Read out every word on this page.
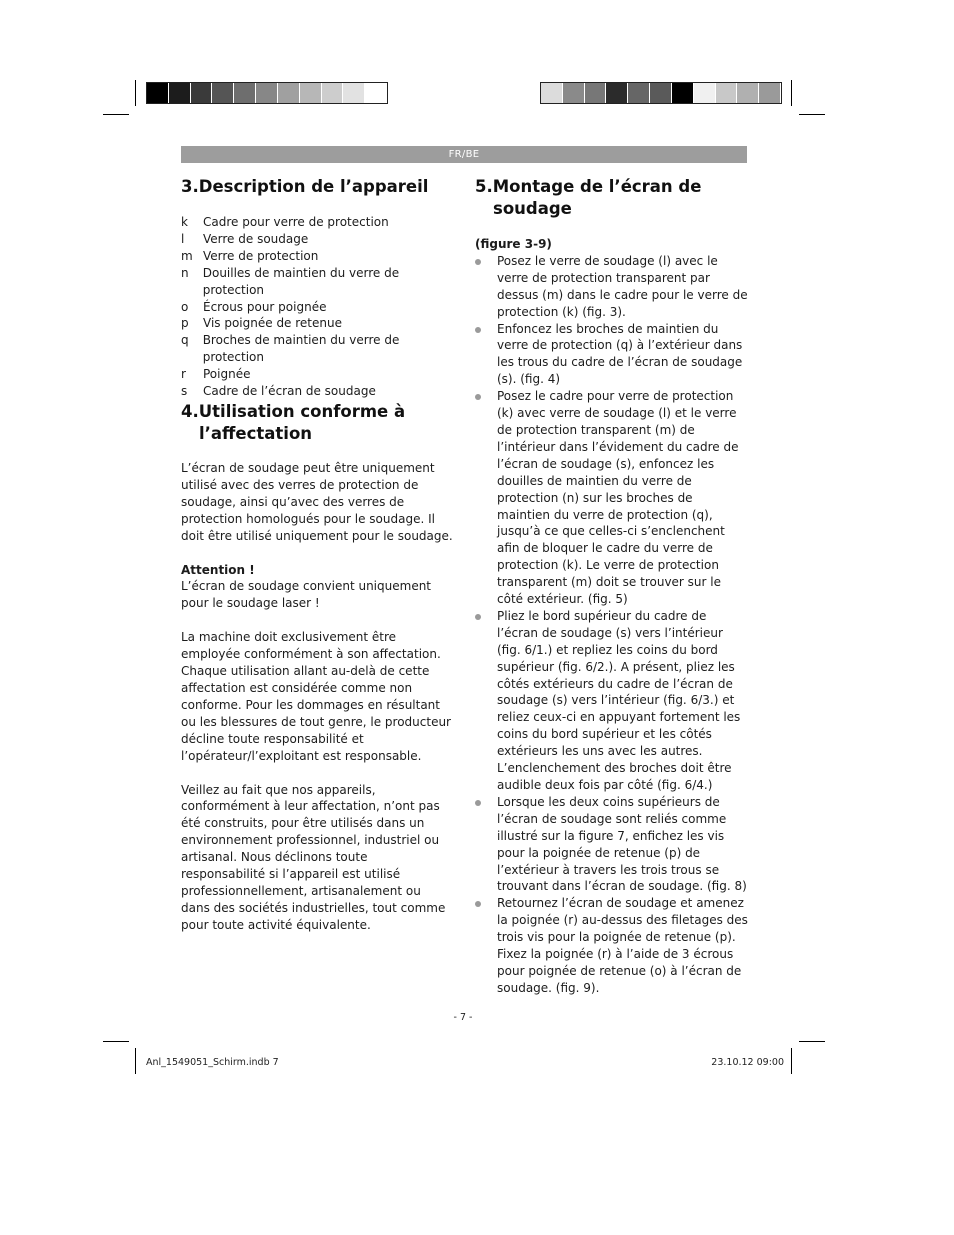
FR/BE
3.Description de l’appareil
k	Cadre pour verre de protection
l	Verre de soudage
m Verre de protection
n	Douilles de maintien du verre de protection
o	Écrous pour poignée
p	Vis poignée de retenue
q	Broches de maintien du verre de protection
r	Poignée
s	Cadre de l’écran de soudage
4.Utilisation conforme à
l’affectation

L’écran de soudage peut être uniquement utilisé avec des verres de protection de soudage, ainsi qu’avec des verres de protection homologués pour le soudage. Il doit être utilisé uniquement pour le soudage.

Attention !

L’écran de soudage convient uniquement pour le soudage laser !

La machine doit exclusivement être employée conformément à son affectation. Chaque utilisation allant au-delà de cette affectation est considérée comme non conforme. Pour les dommages en résultant ou les blessures de tout genre, le producteur décline toute responsabilité et l’opérateur/l’exploitant est responsable.

Veillez au fait que nos appareils, conformément à leur affectation, n’ont pas été construits, pour être utilisés dans un environnement professionnel, industriel ou artisanal. Nous déclinons toute responsabilité si l’appareil est utilisé professionnellement, artisanalement ou dans des sociétés industrielles, tout comme pour toute activité équivalente.

5.Montage de l’écran de
soudage

(figure 3-9)

Posez le verre de soudage (l) avec le verre de protection transparent par dessus (m) dans le cadre pour le verre de protection (k) (fig. 3).
Enfoncez les broches de maintien du verre de protection (q) à l’extérieur dans les trous du cadre de l’écran de soudage (s). (fig. 4)
Posez le cadre pour verre de protection (k) avec verre de soudage (l) et le verre de protection transparent (m) de l’intérieur dans l’évidement du cadre de l’écran de soudage (s), enfoncez les douilles de maintien du verre de protection (n) sur les broches de maintien du verre de protection (q), jusqu’à ce que celles-ci s’enclenchent afin de bloquer le cadre du verre de protection (k). Le verre de protection transparent (m) doit se trouver sur le côté extérieur. (fig. 5)
Pliez le bord supérieur du cadre de l’écran de soudage (s) vers l’intérieur (fig. 6/1.) et repliez les coins du bord supérieur (fig. 6/2.). A présent, pliez les côtés extérieurs du cadre de l’écran de soudage (s) vers l’intérieur (fig. 6/3.) et reliez ceux-ci en appuyant fortement les coins du bord supérieur et les côtés extérieurs les uns avec les autres. L’enclenchement des broches doit être audible deux fois par côté (fig. 6/4.)
Lorsque les deux coins supérieurs de l’écran de soudage sont reliés comme illustré sur la figure 7, enfichez les vis pour la poignée de retenue (p) de l’extérieur à travers les trois trous se trouvant dans l’écran de soudage. (fig. 8)
Retournez l’écran de soudage et amenez la poignée (r) au-dessus des filetages des trois vis pour la poignée de retenue (p). Fixez la poignée (r) à l’aide de 3 écrous pour poignée de retenue (o) à l’écran de soudage. (fig. 9).
- 7 -
Anl_1549051_Schirm.indb 7	23.10.12 09:00
